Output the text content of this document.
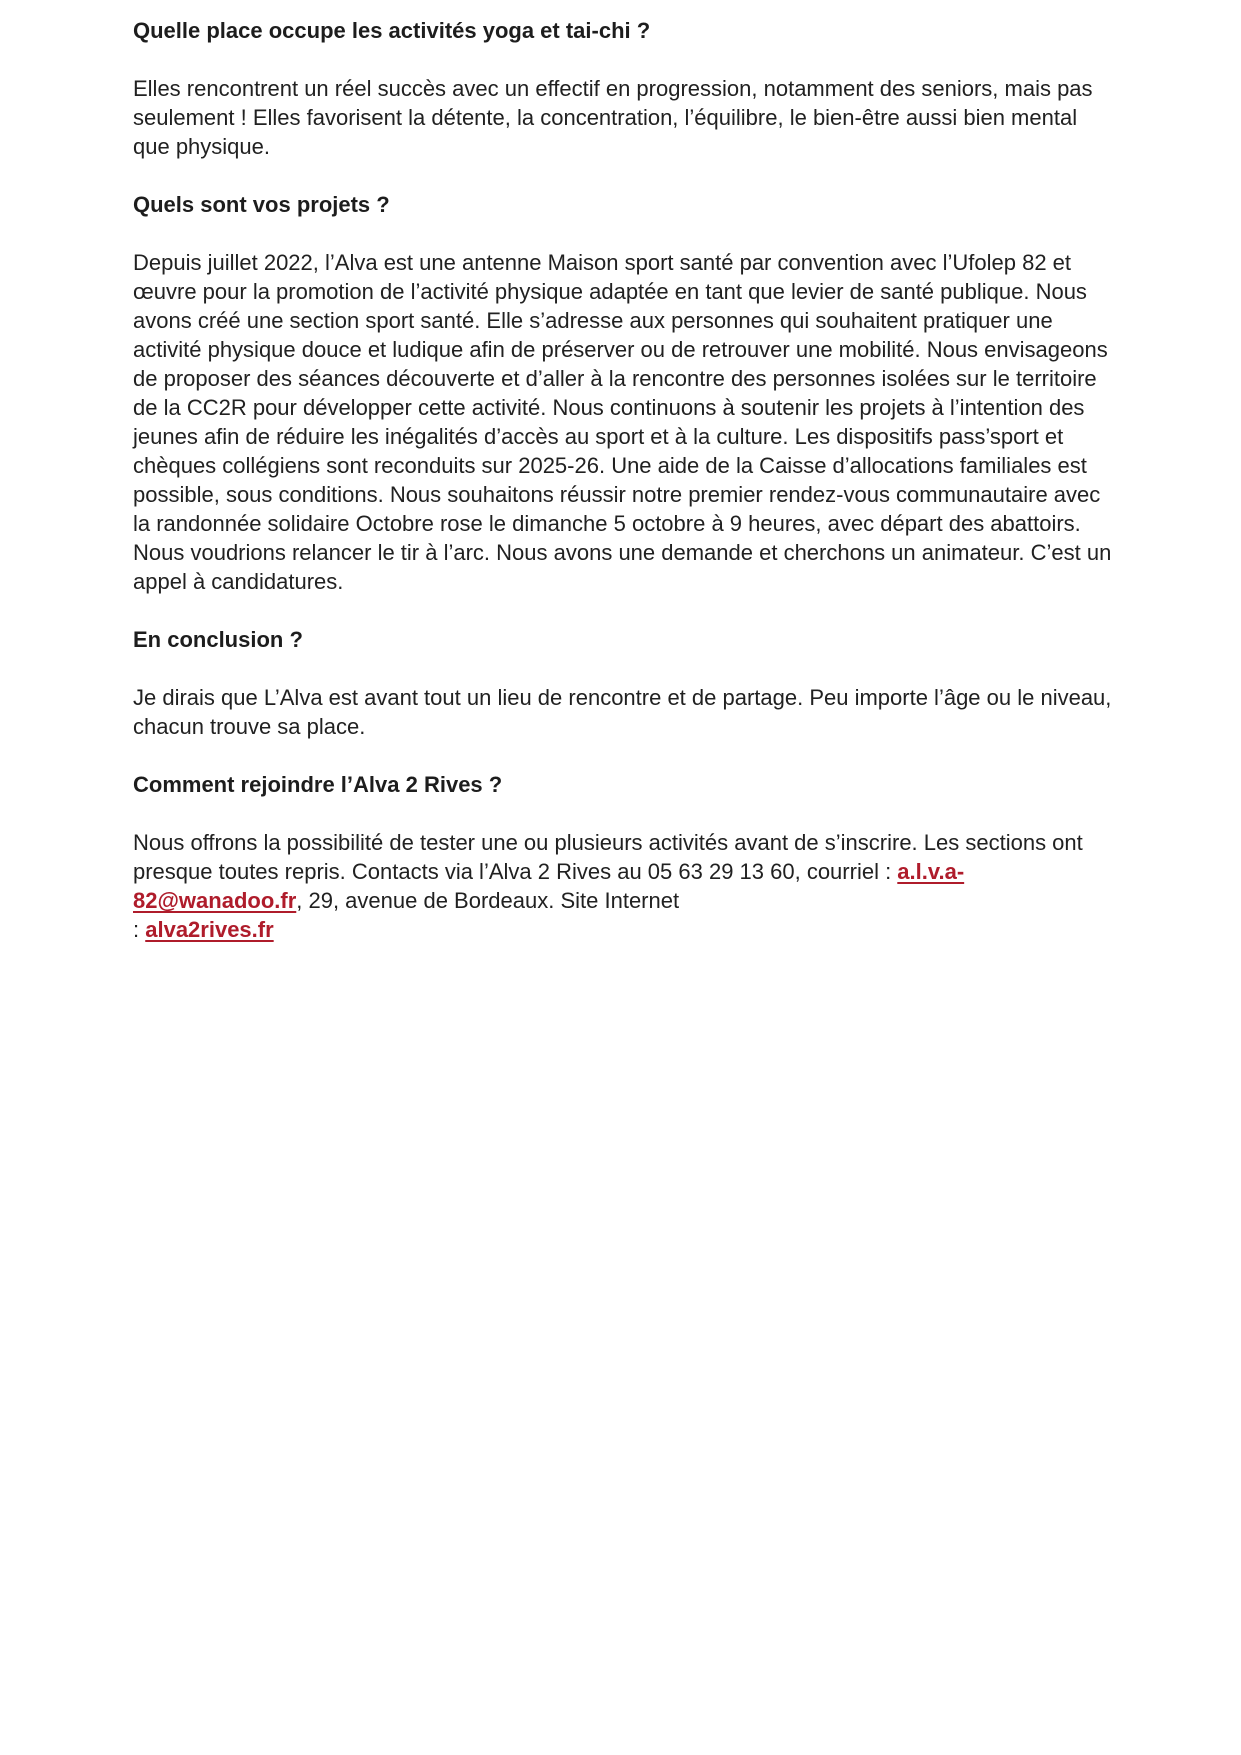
Quelle place occupe les activités yoga et tai-chi ?

Elles rencontrent un réel succès avec un effectif en progression, notamment des seniors, mais pas seulement ! Elles favorisent la détente, la concentration, l’équilibre, le bien-être aussi bien mental que physique.

Quels sont vos projets ?

Depuis juillet 2022, l’Alva est une antenne Maison sport santé par convention avec l’Ufolep 82 et œuvre pour la promotion de l’activité physique adaptée en tant que levier de santé publique. Nous avons créé une section sport santé. Elle s’adresse aux personnes qui souhaitent pratiquer une activité physique douce et ludique afin de préserver ou de retrouver une mobilité. Nous envisageons de proposer des séances découverte et d’aller à la rencontre des personnes isolées sur le territoire de la CC2R pour développer cette activité. Nous continuons à soutenir les projets à l’intention des jeunes afin de réduire les inégalités d’accès au sport et à la culture. Les dispositifs pass’sport et chèques collégiens sont reconduits sur 2025-26. Une aide de la Caisse d’allocations familiales est possible, sous conditions. Nous souhaitons réussir notre premier rendez-vous communautaire avec la randonnée solidaire Octobre rose le dimanche 5 octobre à 9 heures, avec départ des abattoirs. Nous voudrions relancer le tir à l’arc. Nous avons une demande et cherchons un animateur. C’est un appel à candidatures.

En conclusion ?

Je dirais que L’Alva est avant tout un lieu de rencontre et de partage. Peu importe l’âge ou le niveau, chacun trouve sa place.

Comment rejoindre l’Alva 2 Rives ?

Nous offrons la possibilité de tester une ou plusieurs activités avant de s’inscrire. Les sections ont presque toutes repris. Contacts via l’Alva 2 Rives au 05 63 29 13 60, courriel : a.l.v.a-82@wanadoo.fr, 29, avenue de Bordeaux. Site Internet
: alva2rives.fr
